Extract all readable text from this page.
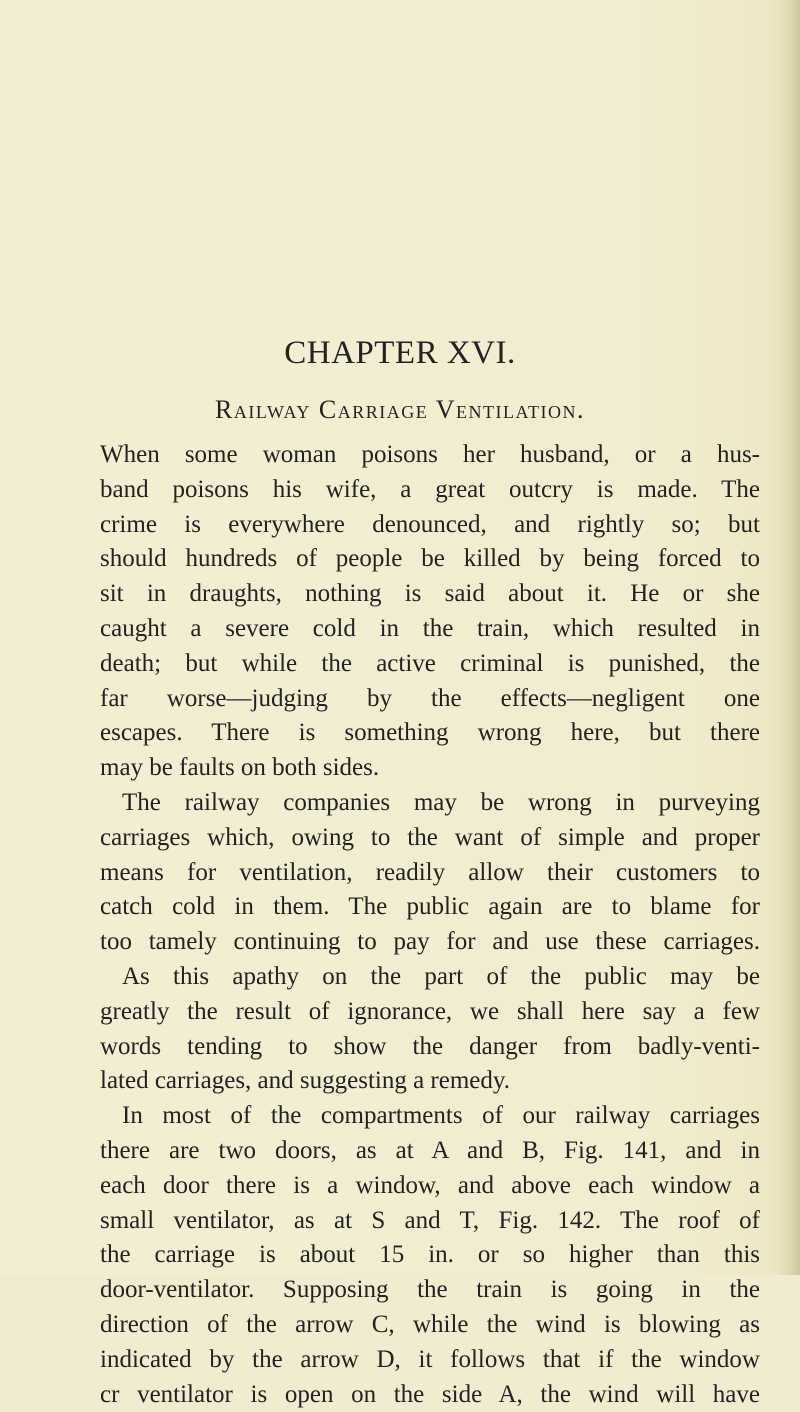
CHAPTER XVI.
Railway Carriage Ventilation.
When some woman poisons her husband, or a hus-
band poisons his wife, a great outcry is made. The
crime is everywhere denounced, and rightly so; but
should hundreds of people be killed by being forced to
sit in draughts, nothing is said about it. He or she
caught a severe cold in the train, which resulted in
death; but while the active criminal is punished, the
far worse—judging by the effects—negligent one
escapes. There is something wrong here, but there
may be faults on both sides.
The railway companies may be wrong in purveying
carriages which, owing to the want of simple and proper
means for ventilation, readily allow their customers to
catch cold in them. The public again are to blame for
too tamely continuing to pay for and use these carriages.
As this apathy on the part of the public may be
greatly the result of ignorance, we shall here say a few
words tending to show the danger from badly-venti-
lated carriages, and suggesting a remedy.
In most of the compartments of our railway carriages
there are two doors, as at A and B, Fig. 141, and in
each door there is a window, and above each window a
small ventilator, as at S and T, Fig. 142. The roof of
the carriage is about 15 in. or so higher than this
door-ventilator. Supposing the train is going in the
direction of the arrow C, while the wind is blowing as
indicated by the arrow D, it follows that if the window
cr ventilator is open on the side A, the wind will have
